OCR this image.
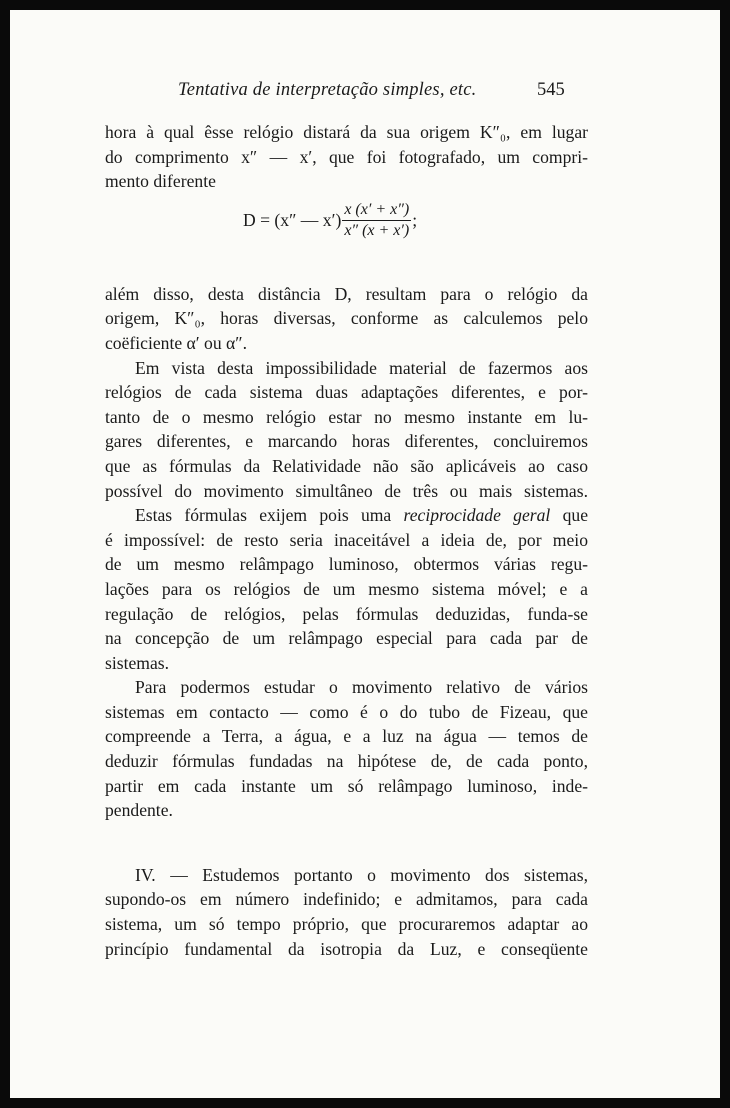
Tentativa de interpretação simples, etc.	545
hora à qual êsse relógio distará da sua origem K″₀, em lugar
do comprimento x″ — x′, que foi fotografado, um compri-
mento diferente
D = (x″ — $x') \frac{x (x' + x'')}{x'' (x + x')}$ ;
além disso, desta distância D, resultam para o relógio da
origem, K″₀, horas diversas, conforme as calculemos pelo
coëficiente α′ ou α″.
Em vista desta impossibilidade material de fazermos aos
relógios de cada sistema duas adaptações diferentes, e por-
tanto de o mesmo relógio estar no mesmo instante em lu-
gares diferentes, e marcando horas diferentes, concluiremos
que as fórmulas da Relatividade não são aplicáveis ao caso
possível do movimento simultâneo de três ou mais sistemas.
Estas fórmulas exijem pois uma reciprocidade geral que
é impossível: de resto seria inaceitável a ideia de, por meio
de um mesmo relâmpago luminoso, obtermos várias regu-
lações para os relógios de um mesmo sistema móvel; e a
regulação de relógios, pelas fórmulas deduzidas, funda-se
na concepção de um relâmpago especial para cada par de
sistemas.
Para podermos estudar o movimento relativo de vários
sistemas em contacto — como é o do tubo de Fizeau, que
compreende a Terra, a água, e a luz na água — temos de
deduzir fórmulas fundadas na hipótese de, de cada ponto,
partir em cada instante um só relâmpago luminoso, inde-
pendente.
IV. — Estudemos portanto o movimento dos sistemas,
supondo-os em número indefinido; e admitamos, para cada
sistema, um só tempo próprio, que procuraremos adaptar ao
princípio fundamental da isotropia da Luz, e conseqüente
